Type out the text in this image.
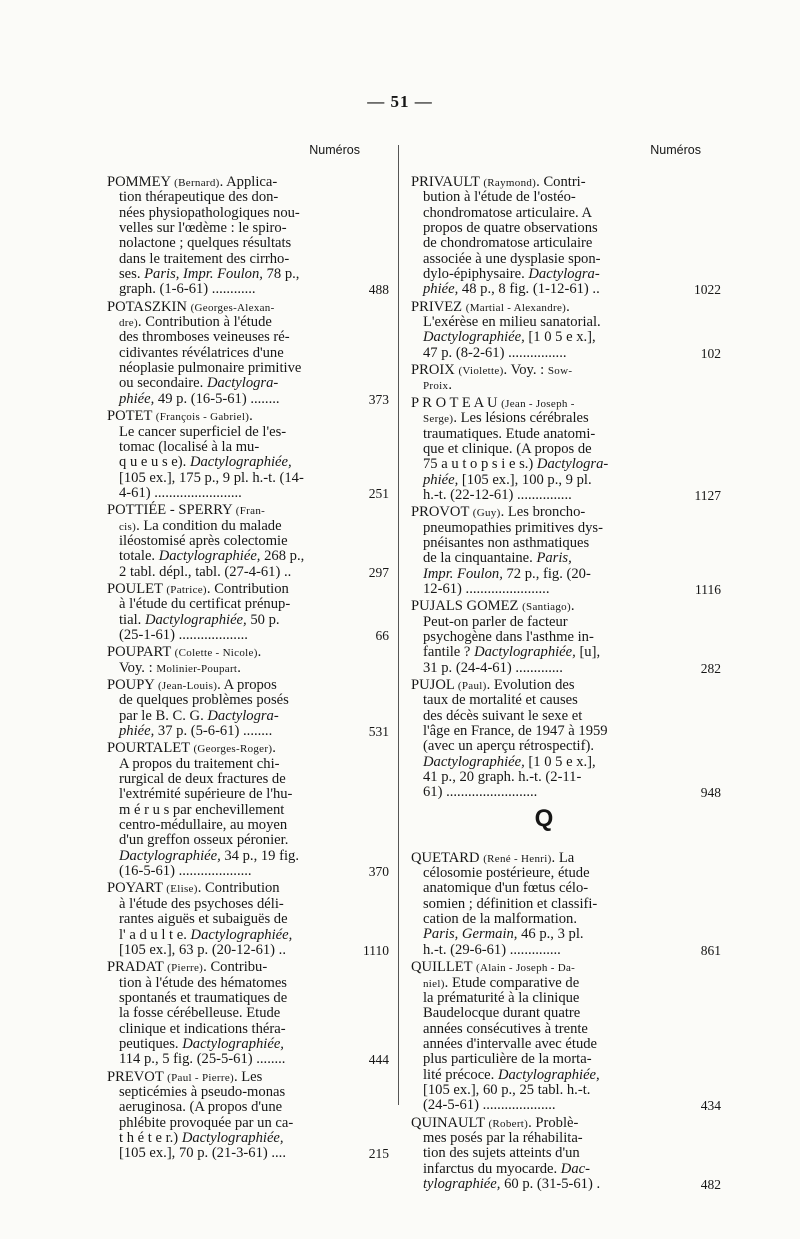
— 51 —
Numéros
POMMEY (Bernard). Applica-
tion thérapeutique des don-
nées physiopathologiques nou-
velles sur l'œdème : le spiro-
nolactone ; quelques résultats
dans le traitement des cirrho-
ses. Paris, Impr. Foulon, 78 p.,
graph. (1-6-61) ............	488
POTASZKIN (Georges-Alexan-
dre). Contribution à l'étude
des thromboses veineuses ré-
cidivantes révélatrices d'une
néoplasie pulmonaire primitive
ou secondaire. Dactylogra-
phiée, 49 p. (16-5-61) ........	373
POTET (François - Gabriel).
Le cancer superficiel de l'es-
tomac (localisé à la mu-
q u e u s e). Dactylographiée,
[105 ex.], 175 p., 9 pl. h.-t. (14-
4-61) ........................	251
POTTIÉE - SPERRY (Fran-
cis). La condition du malade
iléostomisé après colectomie
totale. Dactylographiée, 268 p.,
2 tabl. dépl., tabl. (27-4-61) ..	297
POULET (Patrice). Contribution
à l'étude du certificat prénup-
tial. Dactylographiée, 50 p.
(25-1-61) ...................	66
POUPART (Colette - Nicole).
Voy. : Molinier-Poupart.
POUPY (Jean-Louis). A propos
de quelques problèmes posés
par le B. C. G. Dactylogra-
phiée, 37 p. (5-6-61) ........	531
POURTALET (Georges-Roger).
A propos du traitement chi-
rurgical de deux fractures de
l'extrémité supérieure de l'hu-
m é r u s par enchevillement
centro-médullaire, au moyen
d'un greffon osseux péronier.
Dactylographiée, 34 p., 19 fig.
(16-5-61) ....................	370
POYART (Elise). Contribution
à l'étude des psychoses déli-
rantes aiguës et subaiguës de
l' a d u l t e. Dactylographiée,
[105 ex.], 63 p. (20-12-61) ..	1110
PRADAT (Pierre). Contribu-
tion à l'étude des hématomes
spontanés et traumatiques de
la fosse cérébelleuse. Etude
clinique et indications théra-
peutiques. Dactylographiée,
114 p., 5 fig. (25-5-61) ........	444
PREVOT (Paul - Pierre). Les
septicémies à pseudo-monas
aeruginosa. (A propos d'une
phlébite provoquée par un ca-
t h é t e r.) Dactylographiée,
[105 ex.], 70 p. (21-3-61) ....	215
Numéros
PRIVAULT (Raymond). Contri-
bution à l'étude de l'ostéo-
chondromatose articulaire. A
propos de quatre observations
de chondromatose articulaire
associée à une dysplasie spon-
dylo-épiphysaire. Dactylogra-
phiée, 48 p., 8 fig. (1-12-61) ..	1022
PRIVEZ (Martial - Alexandre).
L'exérèse en milieu sanatorial.
Dactylographiée, [1 0 5 e x.],
47 p. (8-2-61) ................	102
PROIX (Violette). Voy. : Sow-
Proix.
P R O T E A U (Jean - Joseph -
Serge). Les lésions cérébrales
traumatiques. Etude anatomi-
que et clinique. (A propos de
75 a u t o p s i e s.) Dactylogra-
phiée, [105 ex.], 100 p., 9 pl.
h.-t. (22-12-61) ...............	1127
PROVOT (Guy). Les broncho-
pneumopathies primitives dys-
pnéisantes non asthmatiques
de la cinquantaine. Paris,
Impr. Foulon, 72 p., fig. (20-
12-61) .......................	1116
PUJALS GOMEZ (Santiago).
Peut-on parler de facteur
psychogène dans l'asthme in-
fantile ? Dactylographiée, [u],
31 p. (24-4-61) .............	282
PUJOL (Paul). Evolution des
taux de mortalité et causes
des décès suivant le sexe et
l'âge en France, de 1947 à 1959
(avec un aperçu rétrospectif).
Dactylographiée, [1 0 5 e x.],
41 p., 20 graph. h.-t. (2-11-
61) .........................	948
Q
QUETARD (René - Henri). La
célosomie postérieure, étude
anatomique d'un fœtus célo-
somien ; définition et classifi-
cation de la malformation.
Paris, Germain, 46 p., 3 pl.
h.-t. (29-6-61) ..............	861
QUILLET (Alain - Joseph - Da-
niel). Etude comparative de
la prématurité à la clinique
Baudelocque durant quatre
années consécutives à trente
années d'intervalle avec étude
plus particulière de la morta-
lité précoce. Dactylographiée,
[105 ex.], 60 p., 25 tabl. h.-t.
(24-5-61) ....................	434
QUINAULT (Robert). Problè-
mes posés par la réhabilita-
tion des sujets atteints d'un
infarctus du myocarde. Dac-
tylographiée, 60 p. (31-5-61) .	482
